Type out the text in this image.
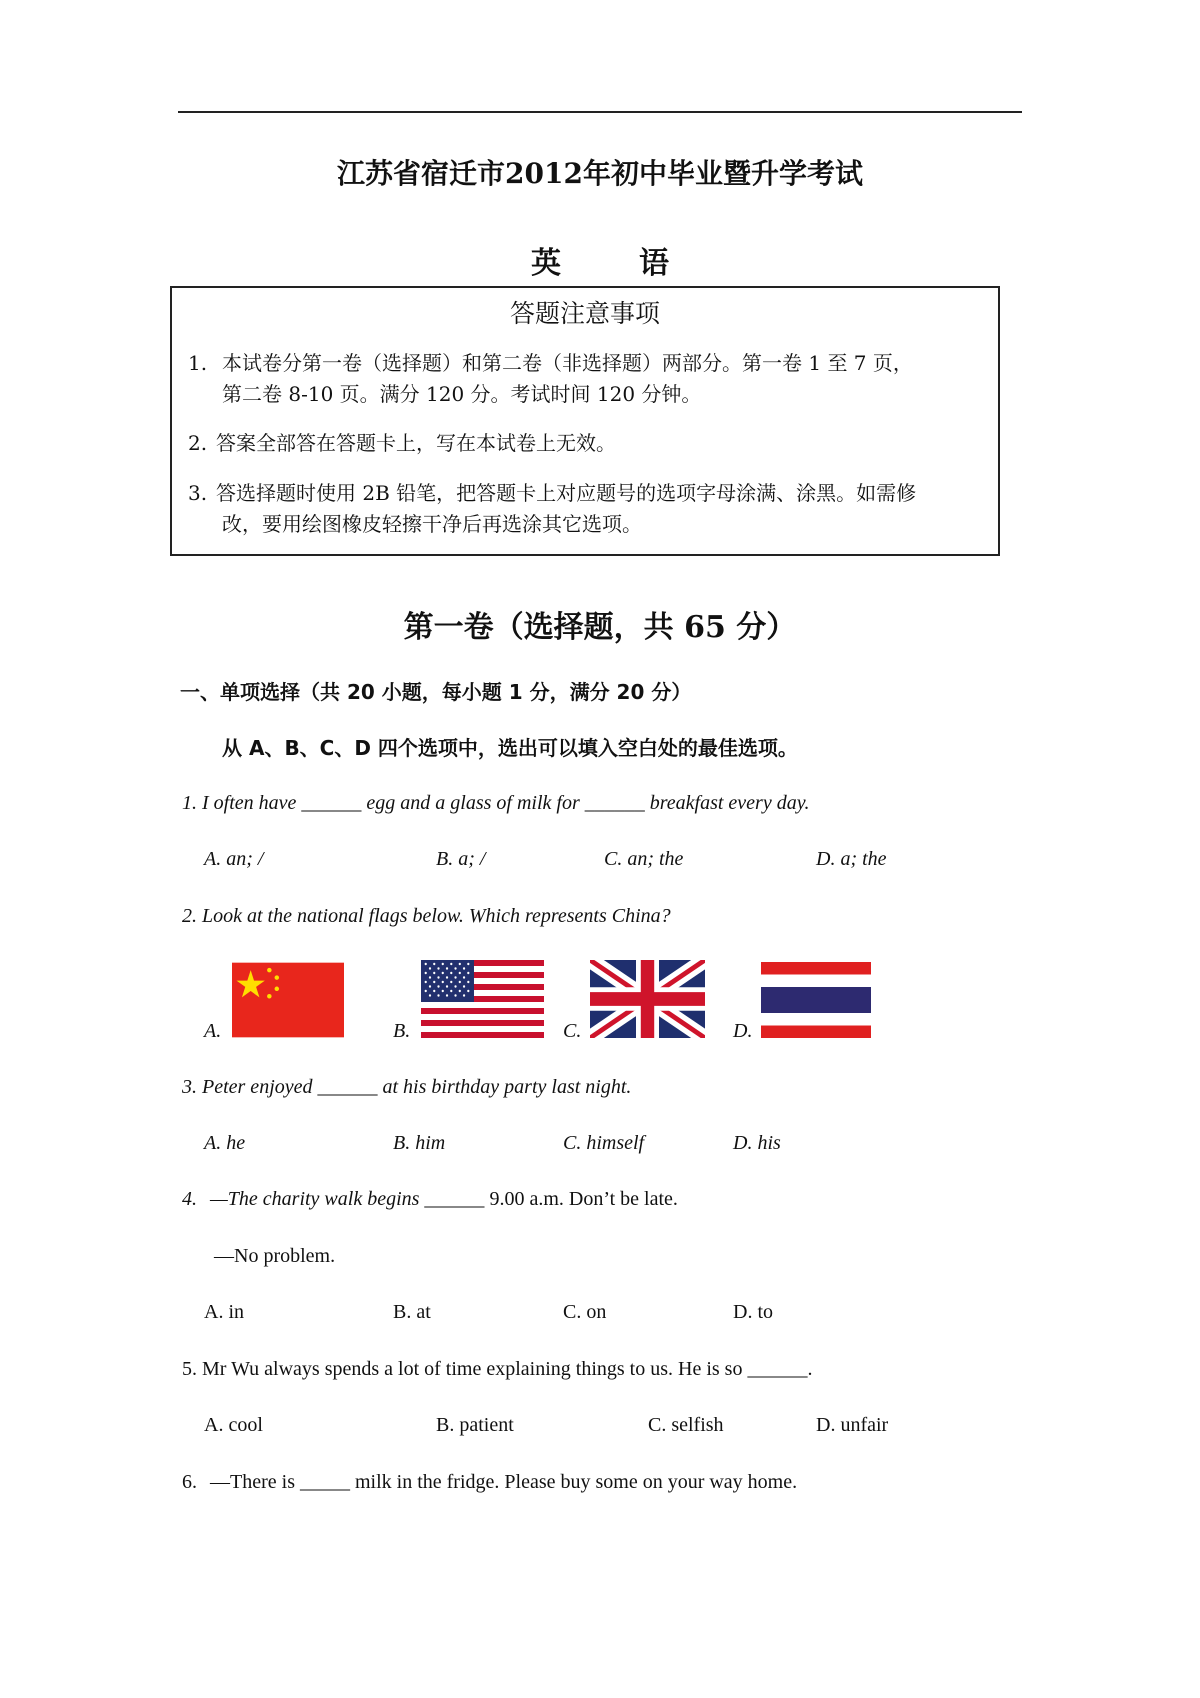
江苏省宿迁市2012年初中毕业暨升学考试
英语
答题注意事项
1. 本试卷分第一卷（选择题）和第二卷（非选择题）两部分。第一卷 1 至 7 页，
第二卷 8-10 页。满分 120 分。考试时间 120 分钟。
2. 答案全部答在答题卡上，写在本试卷上无效。
3. 答选择题时使用 2B 铅笔，把答题卡上对应题号的选项字母涂满、涂黑。如需修
改，要用绘图橡皮轻擦干净后再选涂其它选项。
第一卷（选择题，共 65 分）
一、单项选择（共 20 小题，每小题 1 分，满分 20 分）
从 A、B、C、D 四个选项中，选出可以填入空白处的最佳选项。
1. I often have ______ egg and a glass of milk for ______ breakfast every day.
A. an; /	B. a; /	C. an; the	D. a; the
2. Look at the national flags below. Which represents China?
A.	B.	C.	D.
3. Peter enjoyed ______ at his birthday party last night.
A. he	B. him	C. himself	D. his
4. —The charity walk begins ______ 9.00 a.m. Don’t be late.
—No problem.
A. in	B. at	C. on	D. to
5. Mr Wu always spends a lot of time explaining things to us. He is so ______.
A. cool	B. patient	C. selfish	D. unfair
6. —There is _____ milk in the fridge. Please buy some on your way home.
